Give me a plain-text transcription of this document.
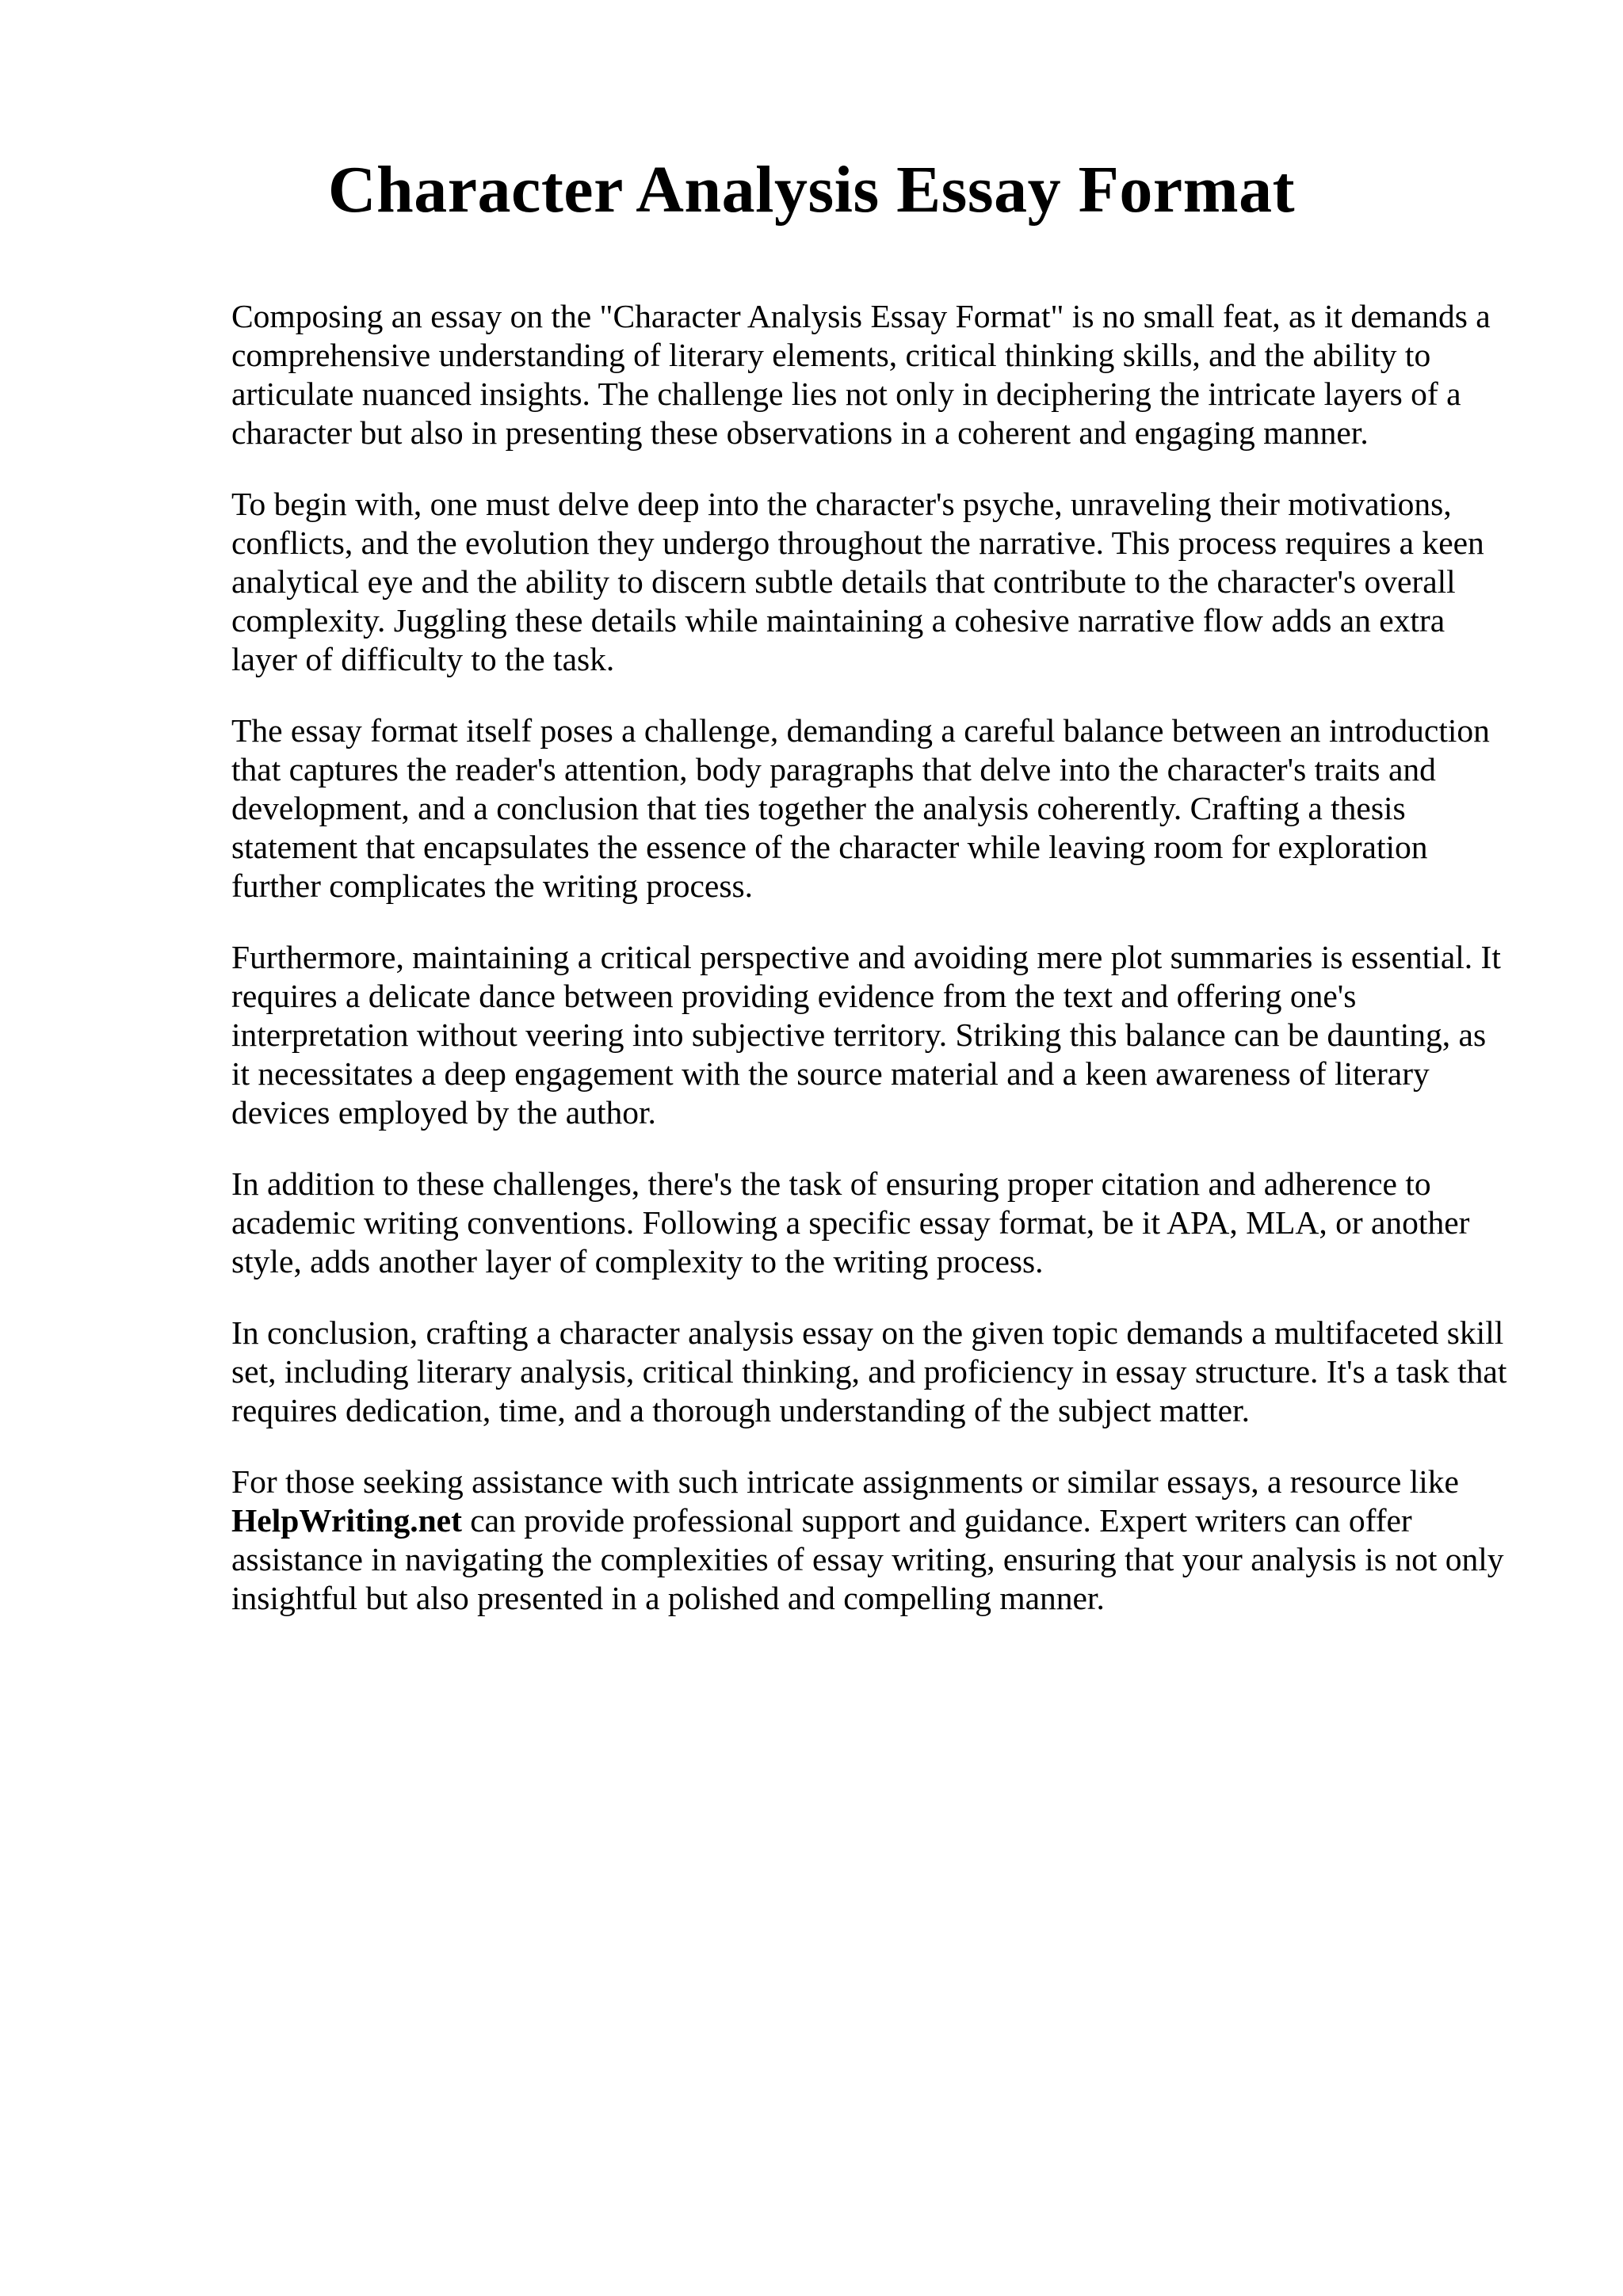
Character Analysis Essay Format

Composing an essay on the "Character Analysis Essay Format" is no small feat, as it demands a
comprehensive understanding of literary elements, critical thinking skills, and the ability to
articulate nuanced insights. The challenge lies not only in deciphering the intricate layers of a
character but also in presenting these observations in a coherent and engaging manner.

To begin with, one must delve deep into the character's psyche, unraveling their motivations,
conflicts, and the evolution they undergo throughout the narrative. This process requires a keen
analytical eye and the ability to discern subtle details that contribute to the character's overall
complexity. Juggling these details while maintaining a cohesive narrative flow adds an extra
layer of difficulty to the task.

The essay format itself poses a challenge, demanding a careful balance between an introduction
that captures the reader's attention, body paragraphs that delve into the character's traits and
development, and a conclusion that ties together the analysis coherently. Crafting a thesis
statement that encapsulates the essence of the character while leaving room for exploration
further complicates the writing process.

Furthermore, maintaining a critical perspective and avoiding mere plot summaries is essential. It
requires a delicate dance between providing evidence from the text and offering one's
interpretation without veering into subjective territory. Striking this balance can be daunting, as
it necessitates a deep engagement with the source material and a keen awareness of literary
devices employed by the author.

In addition to these challenges, there's the task of ensuring proper citation and adherence to
academic writing conventions. Following a specific essay format, be it APA, MLA, or another
style, adds another layer of complexity to the writing process.

In conclusion, crafting a character analysis essay on the given topic demands a multifaceted skill
set, including literary analysis, critical thinking, and proficiency in essay structure. It's a task that
requires dedication, time, and a thorough understanding of the subject matter.

For those seeking assistance with such intricate assignments or similar essays, a resource like
HelpWriting.net can provide professional support and guidance. Expert writers can offer
assistance in navigating the complexities of essay writing, ensuring that your analysis is not only
insightful but also presented in a polished and compelling manner.
